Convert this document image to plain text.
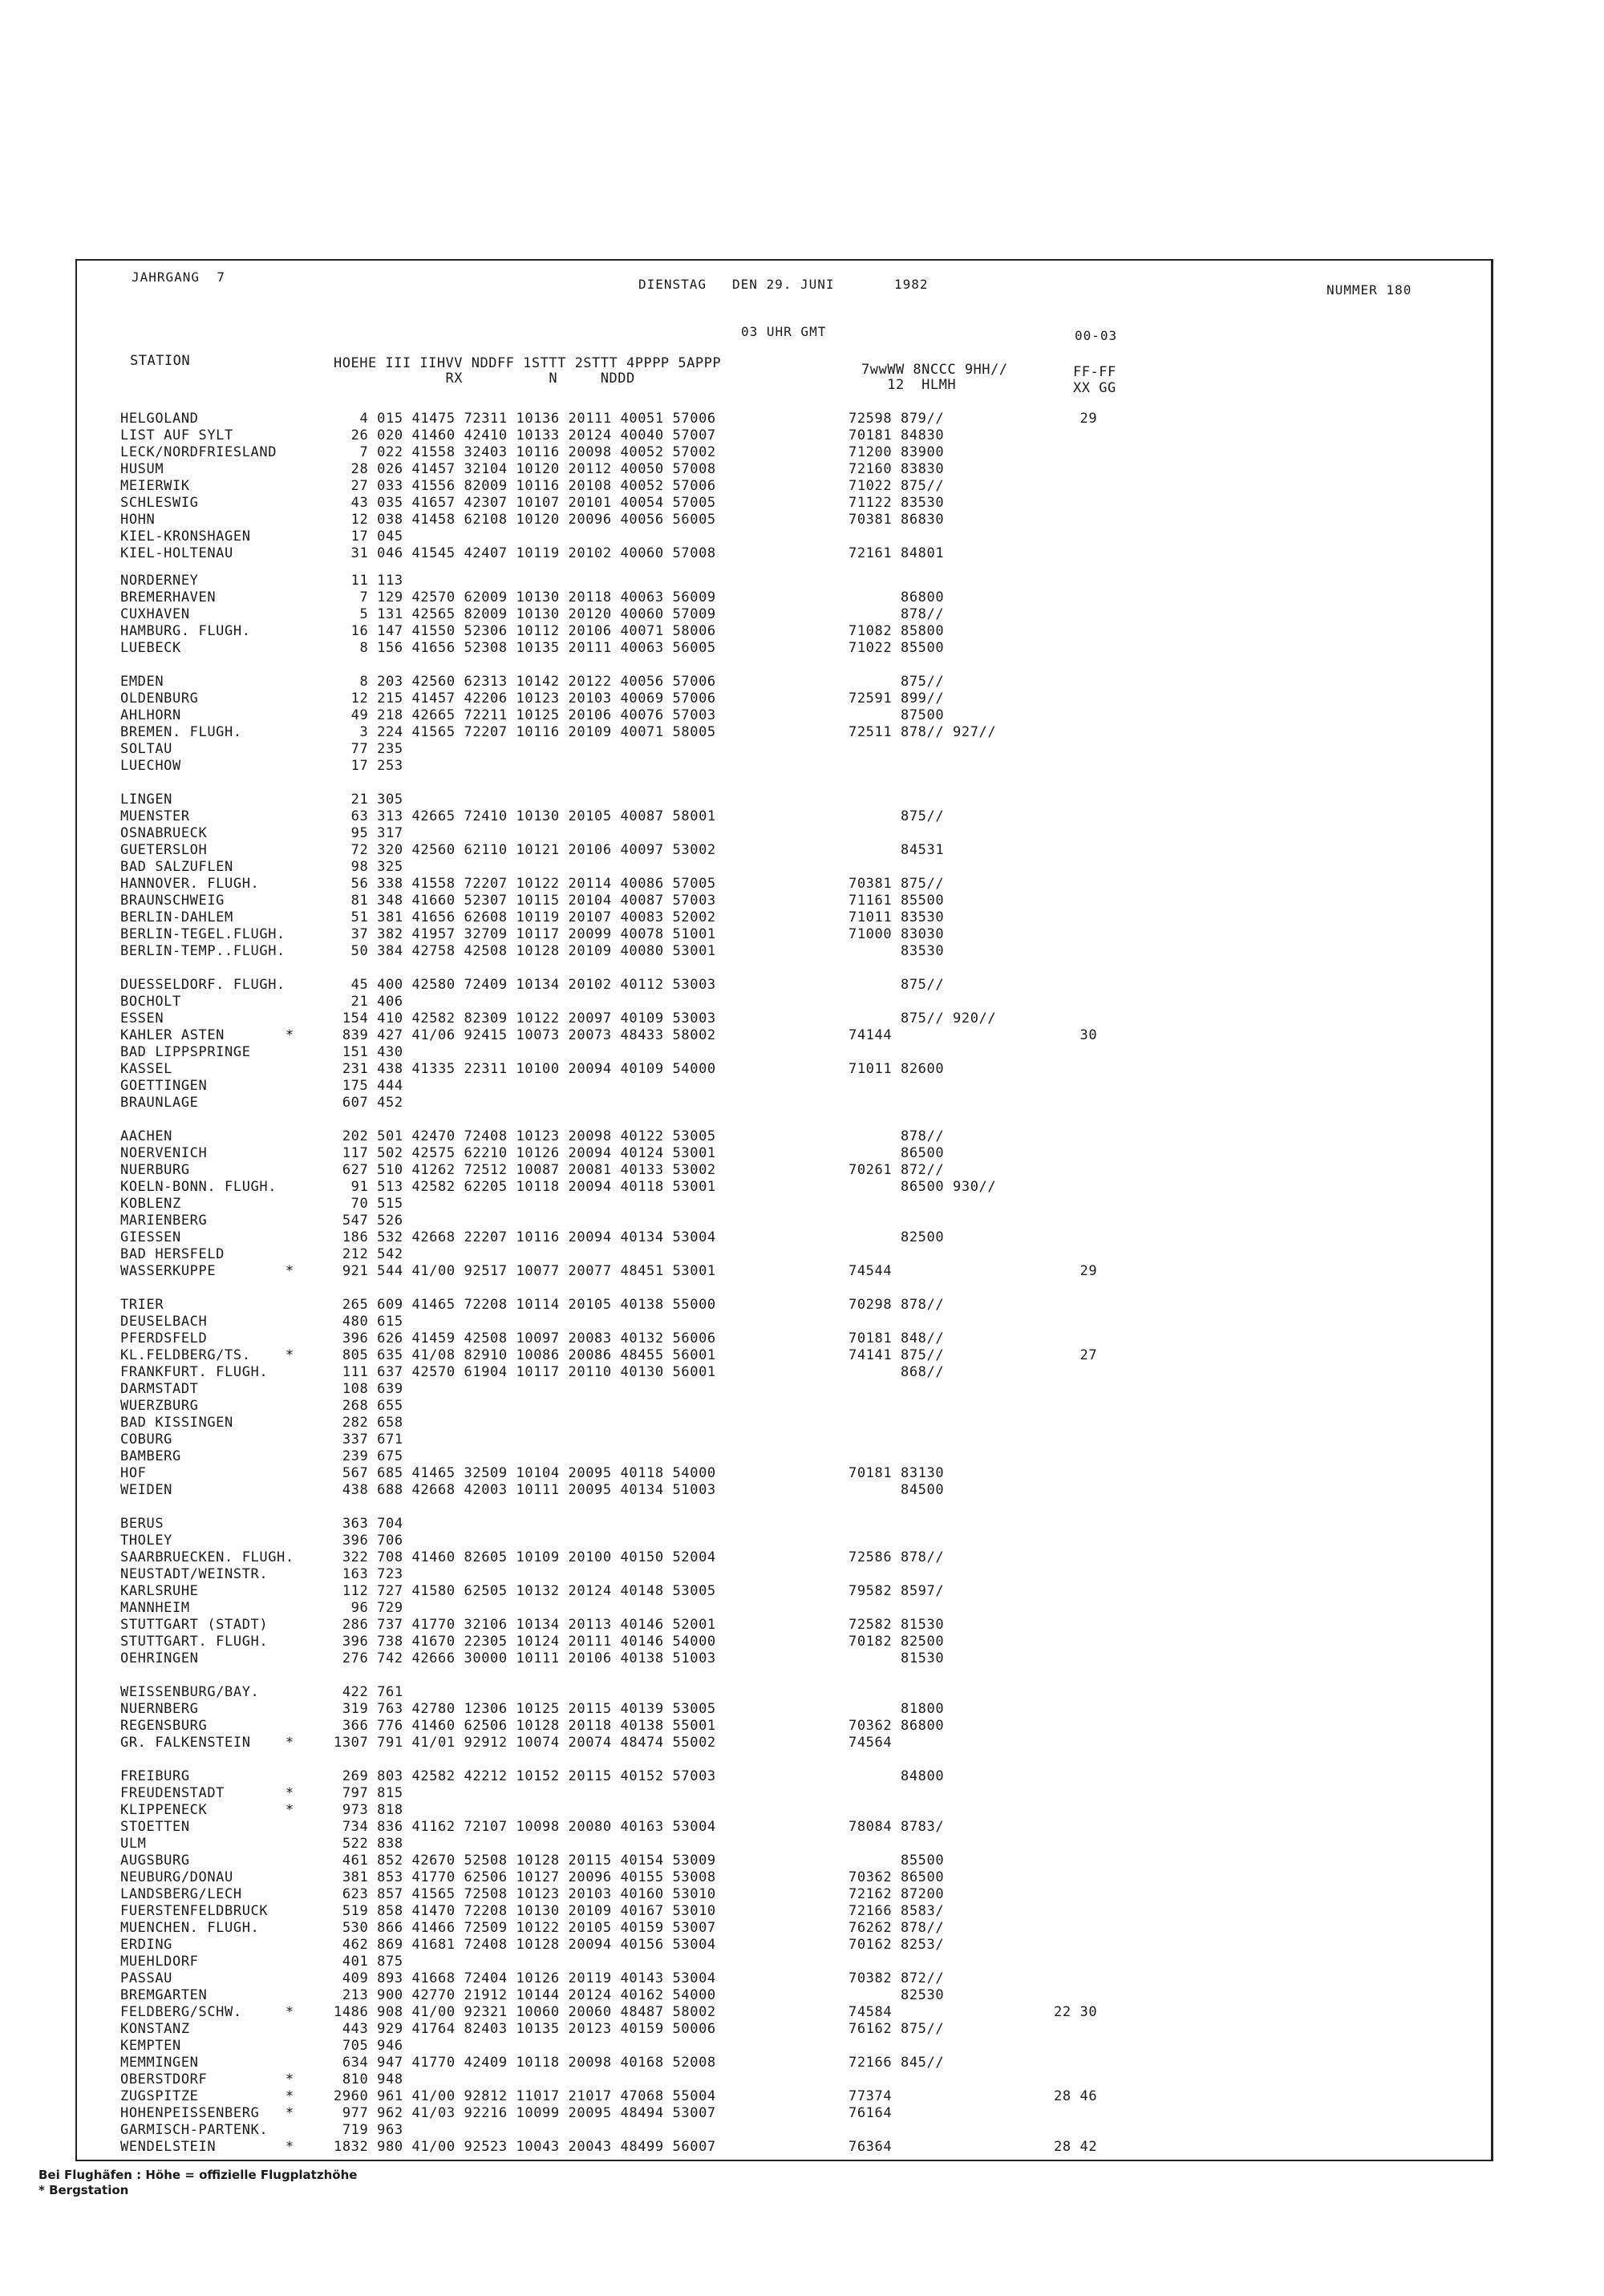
JAHRGANG  7	DIENSTAG   DEN 29. JUNI       1982	NUMMER 180
03 UHR GMT	00-03
STATION	HOEHE III IIHVV NDDFF 1STTT 2STTT 4PPPP 5APPP
RX          N     NDDD
7wwWW 8NCCC 9HH//
12  HLMH
FF-FF
XX GG
HELGOLAND	4 015 41475 72311 10136 20111 40051 57006	72598 879//	29
LIST AUF SYLT	26 020 41460 42410 10133 20124 40040 57007	70181 84830
LECK/NORDFRIESLAND	7 022 41558 32403 10116 20098 40052 57002	71200 83900
HUSUM	28 026 41457 32104 10120 20112 40050 57008	72160 83830
MEIERWIK	27 033 41556 82009 10116 20108 40052 57006	71022 875//
SCHLESWIG	43 035 41657 42307 10107 20101 40054 57005	71122 83530
HOHN	12 038 41458 62108 10120 20096 40056 56005	70381 86830
KIEL-KRONSHAGEN	17 045
KIEL-HOLTENAU	31 046 41545 42407 10119 20102 40060 57008	72161 84801
NORDERNEY	11 113
BREMERHAVEN	7 129 42570 62009 10130 20118 40063 56009	86800
CUXHAVEN	5 131 42565 82009 10130 20120 40060 57009	878//
HAMBURG. FLUGH.	16 147 41550 52306 10112 20106 40071 58006	71082 85800
LUEBECK	8 156 41656 52308 10135 20111 40063 56005	71022 85500
EMDEN	8 203 42560 62313 10142 20122 40056 57006	875//
OLDENBURG	12 215 41457 42206 10123 20103 40069 57006	72591 899//
AHLHORN	49 218 42665 72211 10125 20106 40076 57003	87500
BREMEN. FLUGH.	3 224 41565 72207 10116 20109 40071 58005	72511 878// 927//
SOLTAU	77 235
LUECHOW	17 253
LINGEN	21 305
MUENSTER	63 313 42665 72410 10130 20105 40087 58001	875//
OSNABRUECK	95 317
GUETERSLOH	72 320 42560 62110 10121 20106 40097 53002	84531
BAD SALZUFLEN	98 325
HANNOVER. FLUGH.	56 338 41558 72207 10122 20114 40086 57005	70381 875//
BRAUNSCHWEIG	81 348 41660 52307 10115 20104 40087 57003	71161 85500
BERLIN-DAHLEM	51 381 41656 62608 10119 20107 40083 52002	71011 83530
BERLIN-TEGEL.FLUGH.	37 382 41957 32709 10117 20099 40078 51001	71000 83030
BERLIN-TEMP..FLUGH.	50 384 42758 42508 10128 20109 40080 53001	83530
DUESSELDORF. FLUGH.	45 400 42580 72409 10134 20102 40112 53003	875//
BOCHOLT	21 406
ESSEN	154 410 42582 82309 10122 20097 40109 53003	875// 920//
KAHLER ASTEN       *	839 427 41/06 92415 10073 20073 48433 58002	74144	30
BAD LIPPSPRINGE	151 430
KASSEL	231 438 41335 22311 10100 20094 40109 54000	71011 82600
GOETTINGEN	175 444
BRAUNLAGE	607 452
AACHEN	202 501 42470 72408 10123 20098 40122 53005	878//
NOERVENICH	117 502 42575 62210 10126 20094 40124 53001	86500
NUERBURG	627 510 41262 72512 10087 20081 40133 53002	70261 872//
KOELN-BONN. FLUGH.	91 513 42582 62205 10118 20094 40118 53001	86500 930//
KOBLENZ	70 515
MARIENBERG	547 526
GIESSEN	186 532 42668 22207 10116 20094 40134 53004	82500
BAD HERSFELD	212 542
WASSERKUPPE        *	921 544 41/00 92517 10077 20077 48451 53001	74544	29
TRIER	265 609 41465 72208 10114 20105 40138 55000	70298 878//
DEUSELBACH	480 615
PFERDSFELD	396 626 41459 42508 10097 20083 40132 56006	70181 848//
KL.FELDBERG/TS.    *	805 635 41/08 82910 10086 20086 48455 56001	74141 875//	27
FRANKFURT. FLUGH.	111 637 42570 61904 10117 20110 40130 56001	868//
DARMSTADT	108 639
WUERZBURG	268 655
BAD KISSINGEN	282 658
COBURG	337 671
BAMBERG	239 675
HOF	567 685 41465 32509 10104 20095 40118 54000	70181 83130
WEIDEN	438 688 42668 42003 10111 20095 40134 51003	84500
BERUS	363 704
THOLEY	396 706
SAARBRUECKEN. FLUGH.	322 708 41460 82605 10109 20100 40150 52004	72586 878//
NEUSTADT/WEINSTR.	163 723
KARLSRUHE	112 727 41580 62505 10132 20124 40148 53005	79582 8597/
MANNHEIM	96 729
STUTTGART (STADT)	286 737 41770 32106 10134 20113 40146 52001	72582 81530
STUTTGART. FLUGH.	396 738 41670 22305 10124 20111 40146 54000	70182 82500
OEHRINGEN	276 742 42666 30000 10111 20106 40138 51003	81530
WEISSENBURG/BAY.	422 761
NUERNBERG	319 763 42780 12306 10125 20115 40139 53005	81800
REGENSBURG	366 776 41460 62506 10128 20118 40138 55001	70362 86800
GR. FALKENSTEIN    *	1307 791 41/01 92912 10074 20074 48474 55002	74564
FREIBURG	269 803 42582 42212 10152 20115 40152 57003	84800
FREUDENSTADT       *	797 815
KLIPPENECK         *	973 818
STOETTEN	734 836 41162 72107 10098 20080 40163 53004	78084 8783/
ULM	522 838
AUGSBURG	461 852 42670 52508 10128 20115 40154 53009	85500
NEUBURG/DONAU	381 853 41770 62506 10127 20096 40155 53008	70362 86500
LANDSBERG/LECH	623 857 41565 72508 10123 20103 40160 53010	72162 87200
FUERSTENFELDBRUCK	519 858 41470 72208 10130 20109 40167 53010	72166 8583/
MUENCHEN. FLUGH.	530 866 41466 72509 10122 20105 40159 53007	76262 878//
ERDING	462 869 41681 72408 10128 20094 40156 53004	70162 8253/
MUEHLDORF	401 875
PASSAU	409 893 41668 72404 10126 20119 40143 53004	70382 872//
BREMGARTEN	213 900 42770 21912 10144 20124 40162 54000	82530
FELDBERG/SCHW.     *	1486 908 41/00 92321 10060 20060 48487 58002	74584	22 30
KONSTANZ	443 929 41764 82403 10135 20123 40159 50006	76162 875//
KEMPTEN	705 946
MEMMINGEN	634 947 41770 42409 10118 20098 40168 52008	72166 845//
OBERSTDORF         *	810 948
ZUGSPITZE          *	2960 961 41/00 92812 11017 21017 47068 55004	77374	28 46
HOHENPEISSENBERG   *	977 962 41/03 92216 10099 20095 48494 53007	76164
GARMISCH-PARTENK.	719 963
WENDELSTEIN        *	1832 980 41/00 92523 10043 20043 48499 56007	76364	28 42
Bei Flughäfen : Höhe = offizielle Flugplatzhöhe
* Bergstation
